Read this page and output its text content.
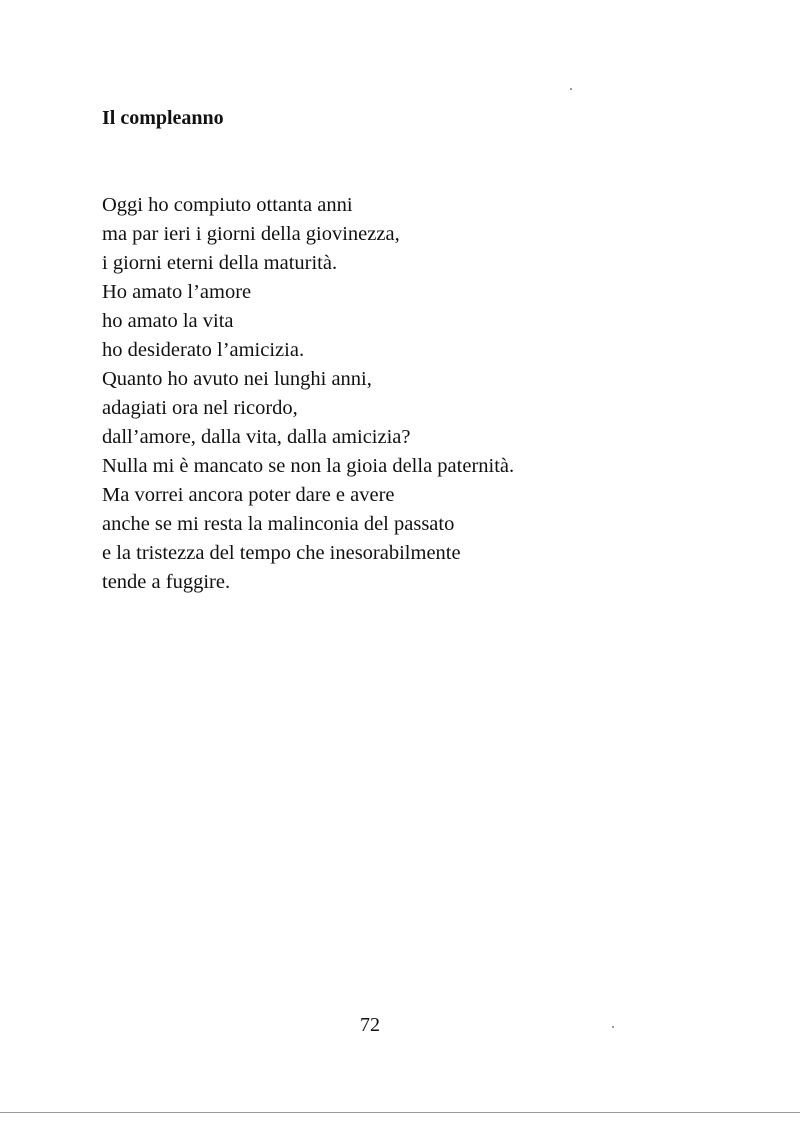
Il compleanno
Oggi ho compiuto ottanta anni
ma par ieri i giorni della giovinezza,
i giorni eterni della maturità.
Ho amato l’amore
ho amato la vita
ho desiderato l’amicizia.
Quanto ho avuto nei lunghi anni,
adagiati ora nel ricordo,
dall’amore, dalla vita, dalla amicizia?
Nulla mi è mancato se non la gioia della paternità.
Ma vorrei ancora poter dare e avere
anche se mi resta la malinconia del passato
e la tristezza del tempo che inesorabilmente
tende a fuggire.
72
